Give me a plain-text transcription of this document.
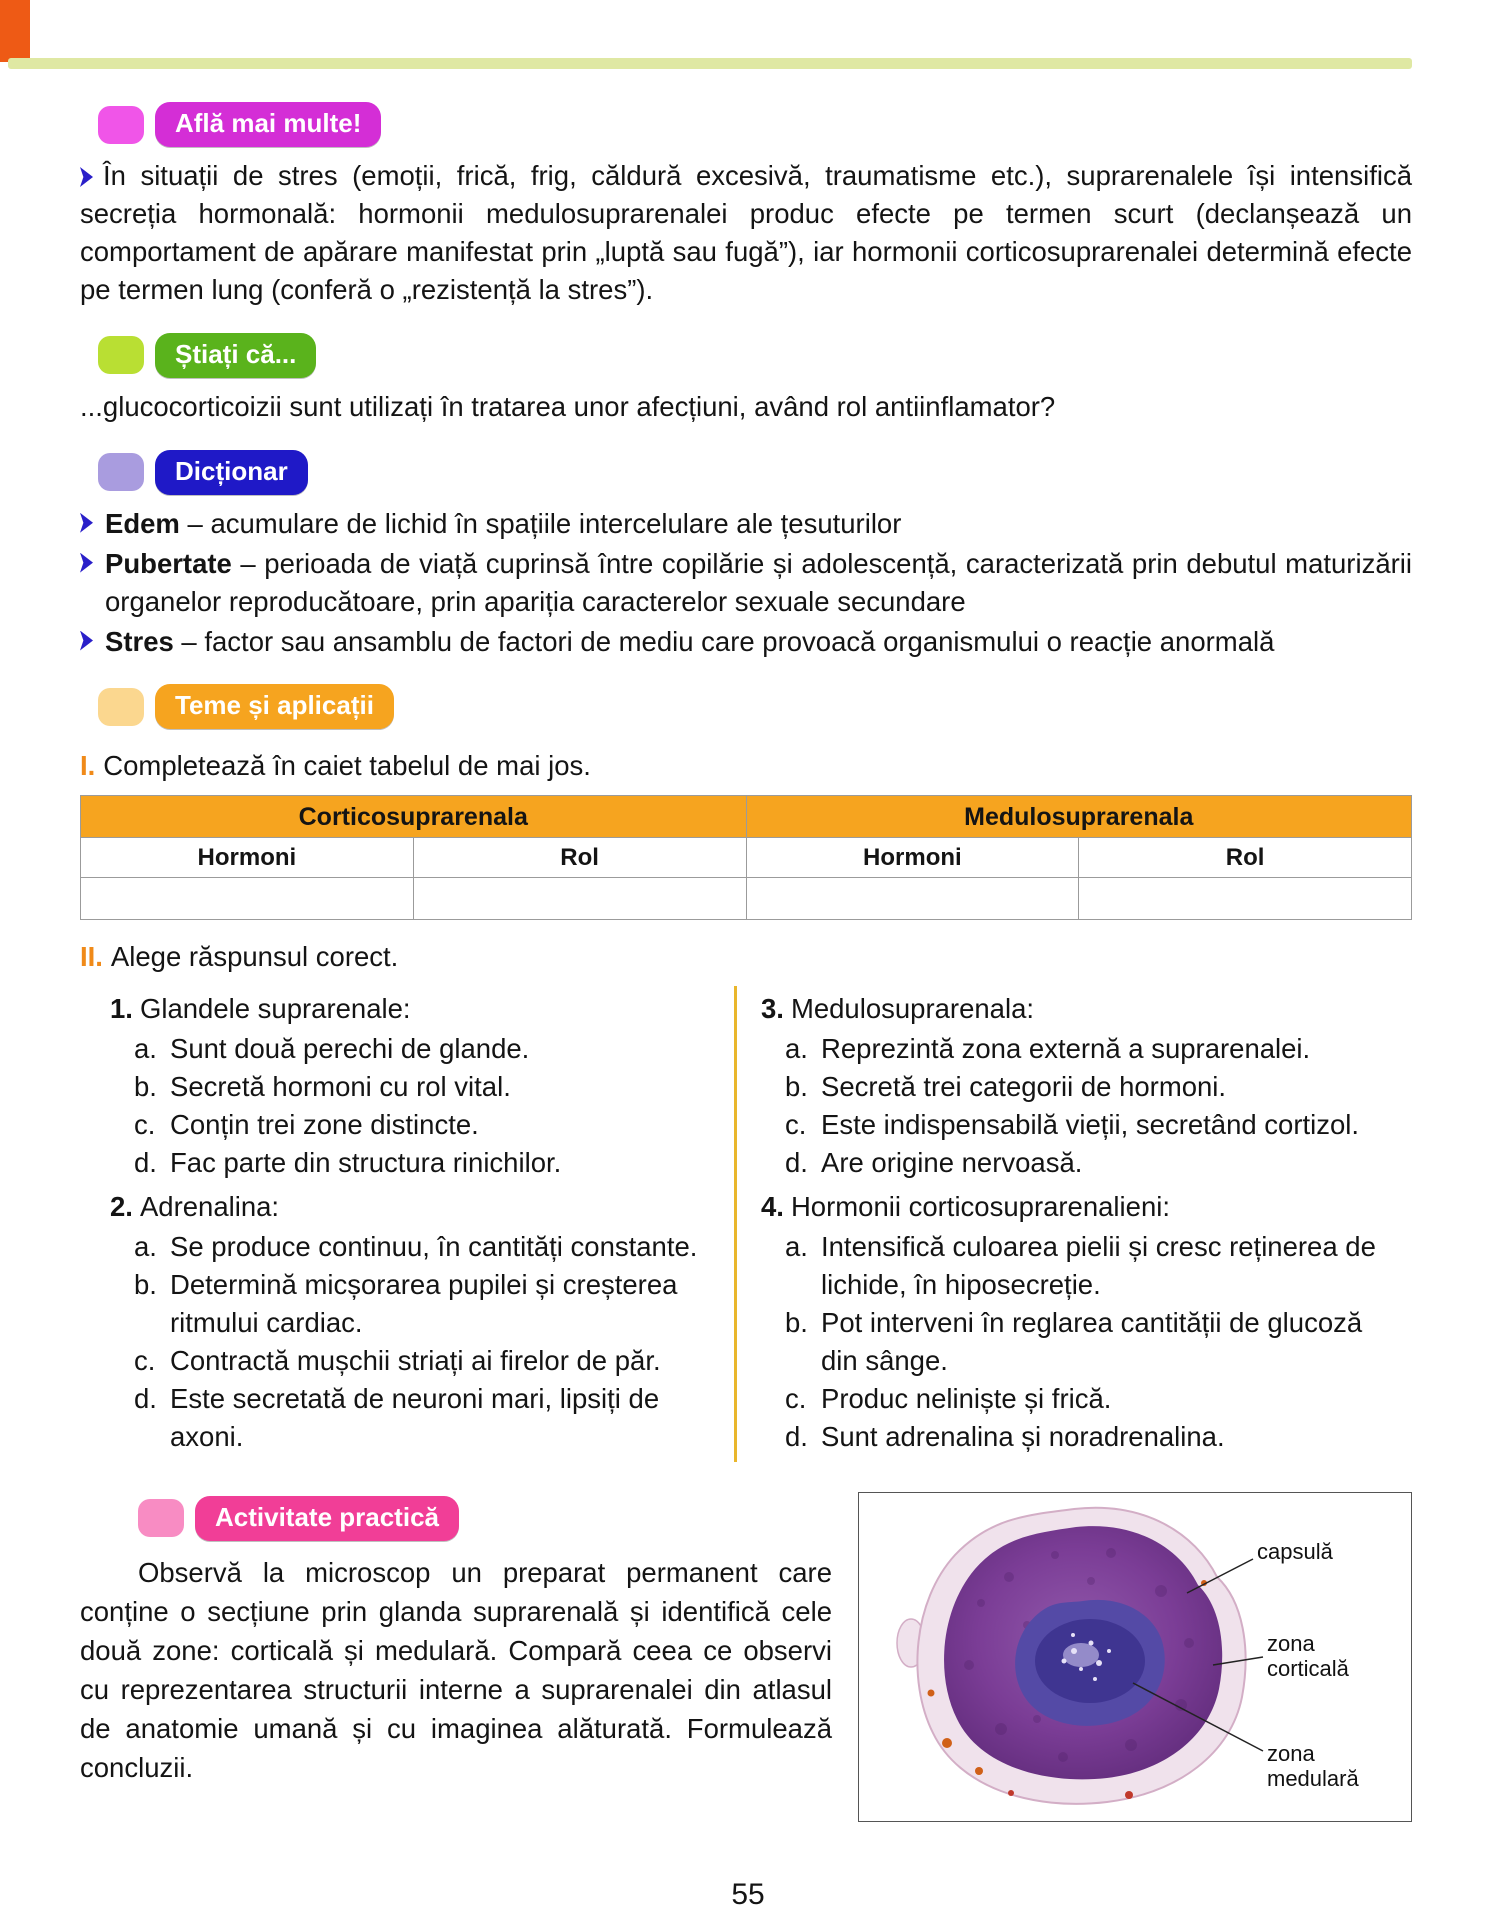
Află mai multe!

În situații de stres (emoții, frică, frig, căldură excesivă, traumatisme etc.), suprarenalele își intensifică secreția hormonală: hormonii medulosuprarenalei produc efecte pe termen scurt (declanșează un comportament de apărare manifestat prin „luptă sau fugă”), iar hormonii corticosuprarenalei determină efecte pe termen lung (conferă o „rezistență la stres”).

Știați că...

...glucocorticoizii sunt utilizați în tratarea unor afecțiuni, având rol antiinflamator?

Dicționar

Edem – acumulare de lichid în spațiile intercelulare ale țesuturilor

Pubertate – perioada de viață cuprinsă între copilărie și adolescență, caracterizată prin debutul maturizării organelor reproducătoare, prin apariția caracterelor sexuale secundare

Stres – factor sau ansamblu de factori de mediu care provoacă organismului o reacție anormală

Teme și aplicații
I. Completează în caiet tabelul de mai jos.
Corticosuprarenala		Medulosuprarenala	
Hormoni	Rol	Hormoni	Rol

II. Alege răspunsul corect.
1. Glandele suprarenale:
a. Sunt două perechi de glande.
b. Secretă hormoni cu rol vital.
c. Conțin trei zone distincte.
d. Fac parte din structura rinichilor.
2. Adrenalina:
a. Se produce continuu, în cantități constante.
b. Determină micșorarea pupilei și creșterea ritmului cardiac.
c. Contractă mușchii striați ai firelor de păr.
d. Este secretată de neuroni mari, lipsiți de axoni.
3. Medulosuprarenala:
a. Reprezintă zona externă a suprarenalei.
b. Secretă trei categorii de hormoni.
c. Este indispensabilă vieții, secretând cortizol.
d. Are origine nervoasă.
4. Hormonii corticosuprarenalieni:
a. Intensifică culoarea pielii și cresc reținerea de lichide, în hiposecreție.
b. Pot interveni în reglarea cantității de glucoză din sânge.
c. Produc neliniște și frică.
d. Sunt adrenalina și noradrenalina.
Activitate practică

Observă la microscop un preparat permanent care conține o secțiune prin glanda suprarenală și identifică cele două zone: corticală și medulară. Compară ceea ce observi cu reprezentarea structurii interne a suprarenalei din atlasul de anatomie umană și cu imaginea alăturată. Formulează concluzii.

capsulă
zona corticală
zona medulară
55
